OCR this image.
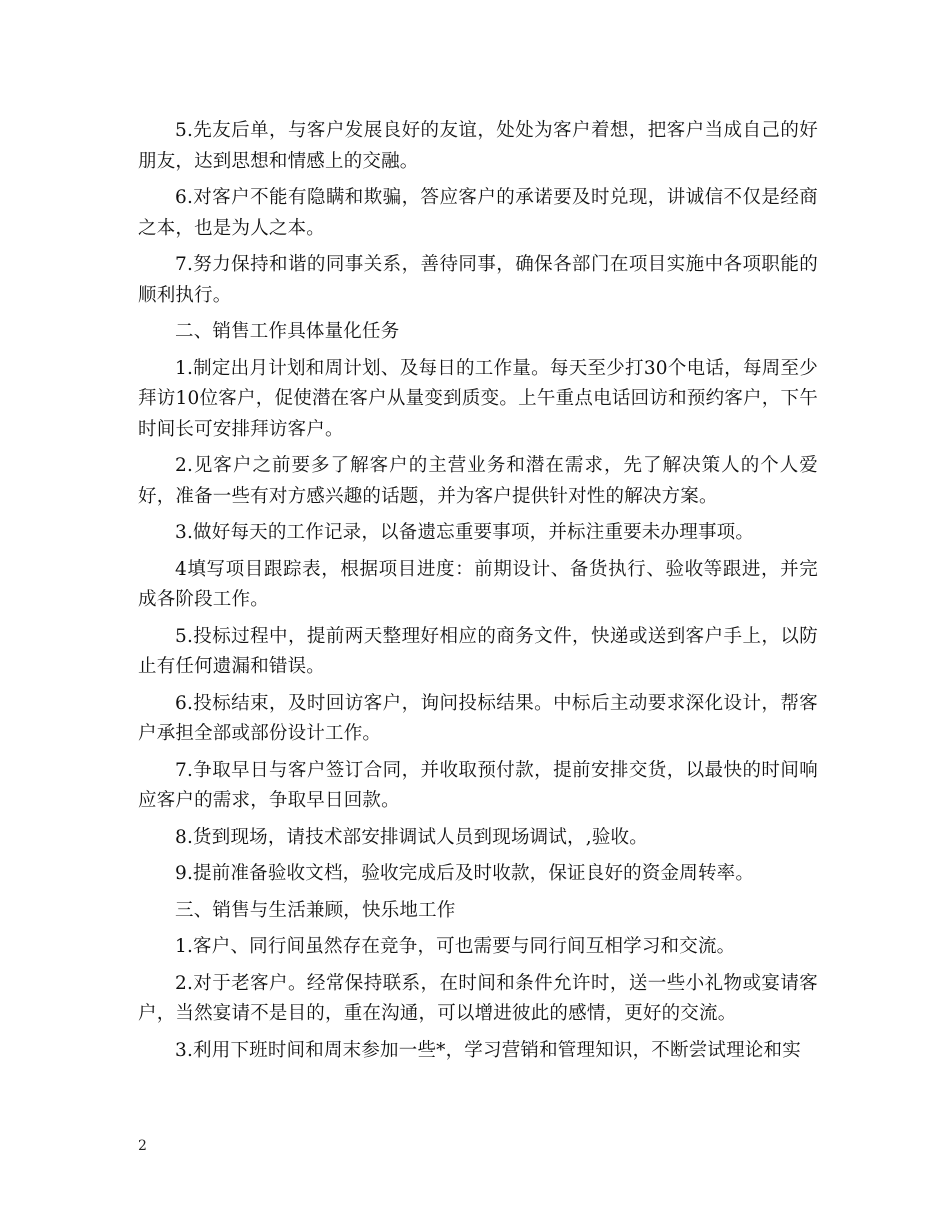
5.先友后单，与客户发展良好的友谊，处处为客户着想，把客户当成自己的好朋友，达到思想和情感上的交融。

6.对客户不能有隐瞒和欺骗，答应客户的承诺要及时兑现，讲诚信不仅是经商之本，也是为人之本。

7.努力保持和谐的同事关系，善待同事，确保各部门在项目实施中各项职能的顺利执行。

二、销售工作具体量化任务

1.制定出月计划和周计划、及每日的工作量。每天至少打30个电话，每周至少拜访10位客户，促使潜在客户从量变到质变。上午重点电话回访和预约客户，下午时间长可安排拜访客户。

2.见客户之前要多了解客户的主营业务和潜在需求，先了解决策人的个人爱好，准备一些有对方感兴趣的话题，并为客户提供针对性的解决方案。

3.做好每天的工作记录，以备遗忘重要事项，并标注重要未办理事项。

4填写项目跟踪表，根据项目进度：前期设计、备货执行、验收等跟进，并完成各阶段工作。

5.投标过程中，提前两天整理好相应的商务文件，快递或送到客户手上，以防止有任何遗漏和错误。

6.投标结束，及时回访客户，询问投标结果。中标后主动要求深化设计，帮客户承担全部或部份设计工作。

7.争取早日与客户签订合同，并收取预付款，提前安排交货，以最快的时间响应客户的需求，争取早日回款。

8.货到现场，请技术部安排调试人员到现场调试，,验收。

9.提前准备验收文档，验收完成后及时收款，保证良好的资金周转率。

三、销售与生活兼顾，快乐地工作

1.客户、同行间虽然存在竞争，可也需要与同行间互相学习和交流。

2.对于老客户。经常保持联系，在时间和条件允许时，送一些小礼物或宴请客户，当然宴请不是目的，重在沟通，可以增进彼此的感情，更好的交流。

3.利用下班时间和周末参加一些*，学习营销和管理知识，不断尝试理论和实

2
